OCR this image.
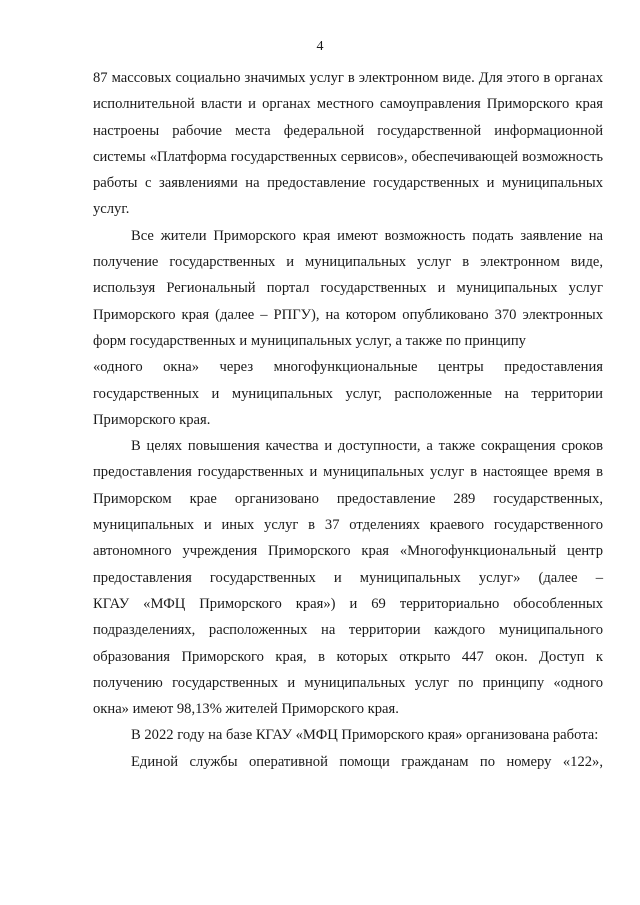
4

87 массовых социально значимых услуг в электронном виде. Для этого в органах исполнительной власти и органах местного самоуправления Приморского края настроены рабочие места федеральной государственной информационной системы «Платформа государственных сервисов», обеспечивающей возможность работы с заявлениями на предоставление государственных и муниципальных услуг.

Все жители Приморского края имеют возможность подать заявление на получение государственных и муниципальных услуг в электронном виде, используя Региональный портал государственных и муниципальных услуг Приморского края (далее – РПГУ), на котором опубликовано 370 электронных форм государственных и муниципальных услуг, а также по принципу

«одного окна» через многофункциональные центры предоставления государственных и муниципальных услуг, расположенные на территории Приморского края.

В целях повышения качества и доступности, а также сокращения сроков предоставления государственных и муниципальных услуг в настоящее время в Приморском крае организовано предоставление 289 государственных, муниципальных и иных услуг в 37 отделениях краевого государственного автономного учреждения Приморского края «Многофункциональный центр предоставления государственных и муниципальных услуг» (далее –

КГАУ «МФЦ Приморского края») и 69 территориально обособленных подразделениях, расположенных на территории каждого муниципального образования Приморского края, в которых открыто 447 окон. Доступ к получению государственных и муниципальных услуг по принципу «одного окна» имеют 98,13% жителей Приморского края.

В 2022 году на базе КГАУ «МФЦ Приморского края» организована работа:

Единой службы оперативной помощи гражданам по номеру «122»,
